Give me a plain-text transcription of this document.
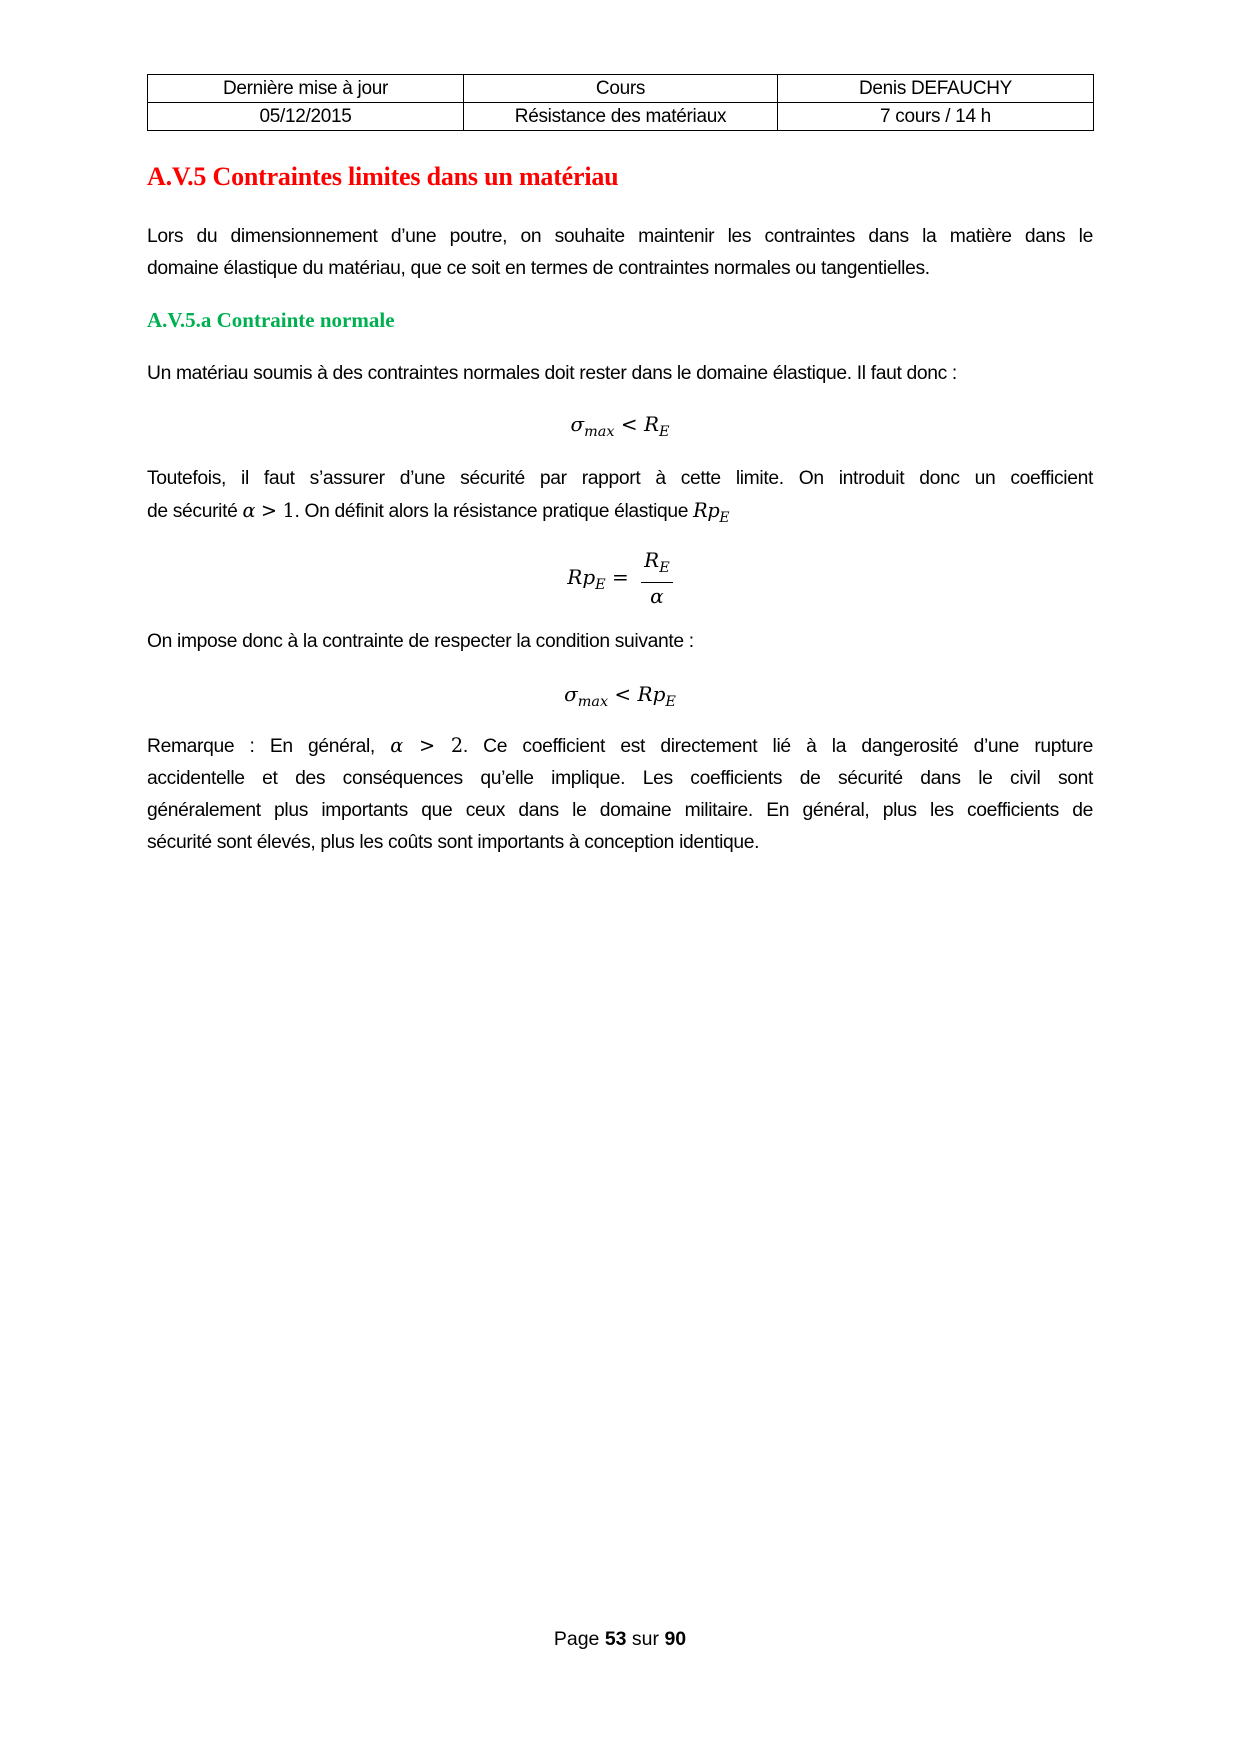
Dernière mise à jour	Cours	Denis DEFAUCHY
05/12/2015	Résistance des matériaux	7 cours / 14 h
A.V.5 Contraintes limites dans un matériau
Lors du dimensionnement d’une poutre, on souhaite maintenir les contraintes dans la matière dans le
domaine élastique du matériau, que ce soit en termes de contraintes normales ou tangentielles.
A.V.5.a Contrainte normale
Un matériau soumis à des contraintes normales doit rester dans le domaine élastique. Il faut donc :
$\sigma_{max} < R_E$
Toutefois, il faut s’assurer d’une sécurité par rapport à cette limite. On introduit donc un coefficient
de sécurité α > 1. On définit alors la résistance pratique élastique $Rp_E$
$Rp_E = \frac{R_E}{\alpha}$
On impose donc à la contrainte de respecter la condition suivante :
$\sigma_{max} < Rp_E$
Remarque : En général, α > 2. Ce coefficient est directement lié à la dangerosité d’une rupture
accidentelle et des conséquences qu’elle implique. Les coefficients de sécurité dans le civil sont
généralement plus importants que ceux dans le domaine militaire. En général, plus les coefficients de
sécurité sont élevés, plus les coûts sont importants à conception identique.
Page 53 sur 90
